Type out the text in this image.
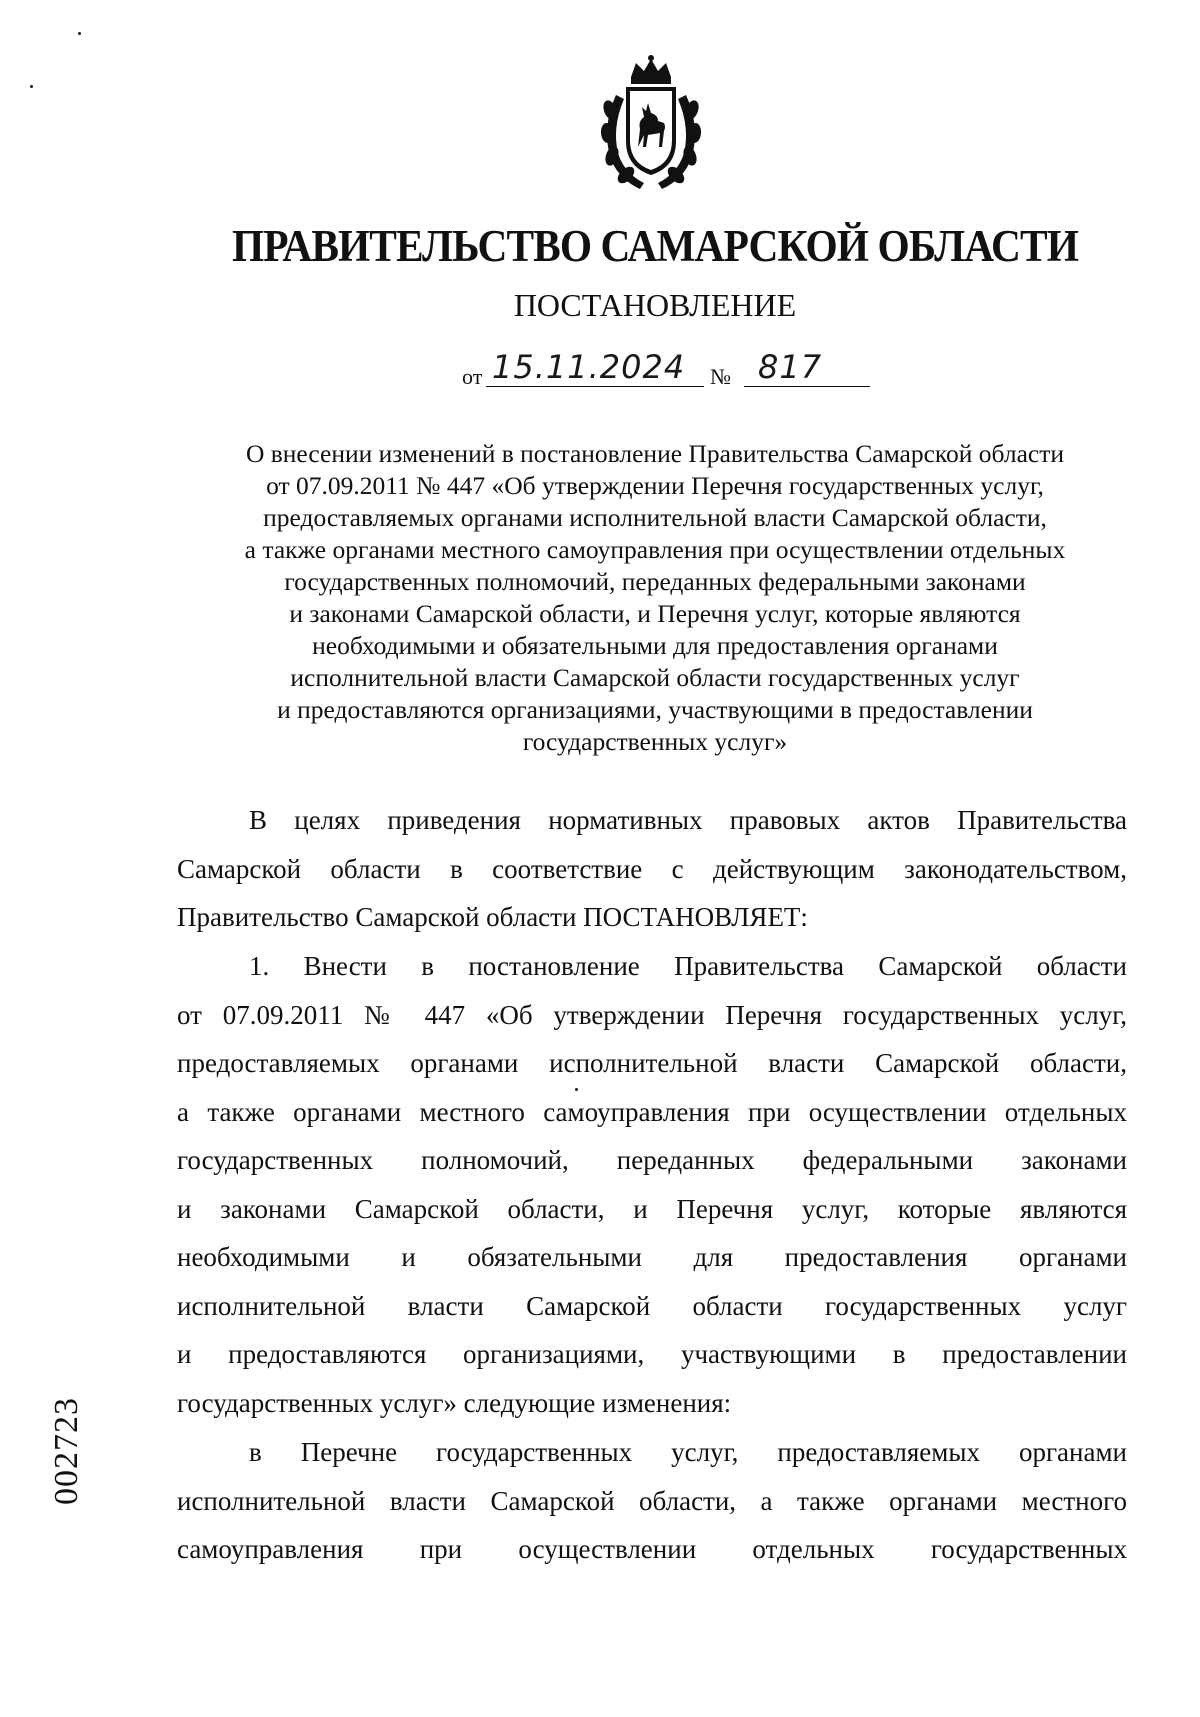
ПРАВИТЕЛЬСТВО САМАРСКОЙ ОБЛАСТИ
ПОСТАНОВЛЕНИЕ
от 15.11.2024 № 817
О внесении изменений в постановление Правительства Самарской области
от 07.09.2011 № 447 «Об утверждении Перечня государственных услуг,
предоставляемых органами исполнительной власти Самарской области,
а также органами местного самоуправления при осуществлении отдельных
государственных полномочий, переданных федеральными законами
и законами Самарской области, и Перечня услуг, которые являются
необходимыми и обязательными для предоставления органами
исполнительной власти Самарской области государственных услуг
и предоставляются организациями, участвующими в предоставлении
государственных услуг»
В целях приведения нормативных правовых актов Правительства
Самарской области в соответствие с действующим законодательством,
Правительство Самарской области ПОСТАНОВЛЯЕТ:
1. Внести в постановление Правительства Самарской области
от 07.09.2011 № 447 «Об утверждении Перечня государственных услуг,
предоставляемых органами исполнительной власти Самарской области,
а также органами местного самоуправления при осуществлении отдельных
государственных полномочий, переданных федеральными законами
и законами Самарской области, и Перечня услуг, которые являются
необходимыми и обязательными для предоставления органами
исполнительной власти Самарской области государственных услуг
и предоставляются организациями, участвующими в предоставлении
государственных услуг» следующие изменения:
в Перечне государственных услуг, предоставляемых органами
исполнительной власти Самарской области, а также органами местного
самоуправления при осуществлении отдельных государственных
002723
